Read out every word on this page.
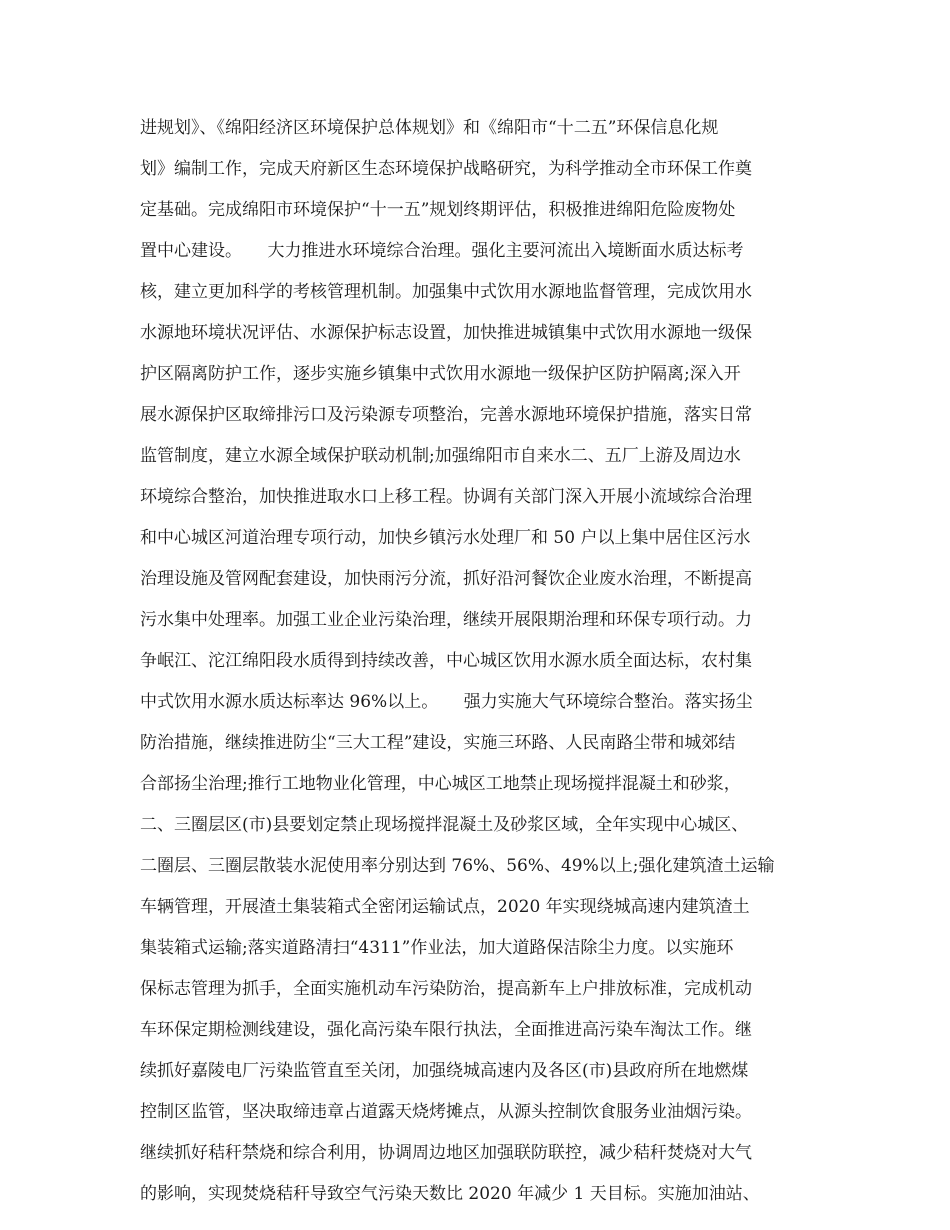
进规划》、《绵阳经济区环境保护总体规划》和《绵阳市“十二五”环保信息化规
划》编制工作，完成天府新区生态环境保护战略研究，为科学推动全市环保工作奠
定基础。完成绵阳市环境保护“十一五”规划终期评估，积极推进绵阳危险废物处
置中心建设。　　大力推进水环境综合治理。强化主要河流出入境断面水质达标考
核，建立更加科学的考核管理机制。加强集中式饮用水源地监督管理，完成饮用水
水源地环境状况评估、水源保护标志设置，加快推进城镇集中式饮用水源地一级保
护区隔离防护工作，逐步实施乡镇集中式饮用水源地一级保护区防护隔离;深入开
展水源保护区取缔排污口及污染源专项整治，完善水源地环境保护措施，落实日常
监管制度，建立水源全域保护联动机制;加强绵阳市自来水二、五厂上游及周边水
环境综合整治，加快推进取水口上移工程。协调有关部门深入开展小流域综合治理
和中心城区河道治理专项行动，加快乡镇污水处理厂和 50 户以上集中居住区污水
治理设施及管网配套建设，加快雨污分流，抓好沿河餐饮企业废水治理，不断提高
污水集中处理率。加强工业企业污染治理，继续开展限期治理和环保专项行动。力
争岷江、沱江绵阳段水质得到持续改善，中心城区饮用水源水质全面达标，农村集
中式饮用水源水质达标率达 96%以上。　　强力实施大气环境综合整治。落实扬尘
防治措施，继续推进防尘“三大工程”建设，实施三环路、人民南路尘带和城郊结
合部扬尘治理;推行工地物业化管理，中心城区工地禁止现场搅拌混凝土和砂浆，
二、三圈层区(市)县要划定禁止现场搅拌混凝土及砂浆区域，全年实现中心城区、
二圈层、三圈层散装水泥使用率分别达到 76%、56%、49%以上;强化建筑渣土运输
车辆管理，开展渣土集装箱式全密闭运输试点，2020 年实现绕城高速内建筑渣土
集装箱式运输;落实道路清扫“4311”作业法，加大道路保洁除尘力度。以实施环
保标志管理为抓手，全面实施机动车污染防治，提高新车上户排放标准，完成机动
车环保定期检测线建设，强化高污染车限行执法，全面推进高污染车淘汰工作。继
续抓好嘉陵电厂污染监管直至关闭，加强绕城高速内及各区(市)县政府所在地燃煤
控制区监管，坚决取缔违章占道露天烧烤摊点，从源头控制饮食服务业油烟污染。
继续抓好秸秆禁烧和综合利用，协调周边地区加强联防联控，减少秸秆焚烧对大气
的影响，实现焚烧秸秆导致空气污染天数比 2020 年减少 1 天目标。实施加油站、
